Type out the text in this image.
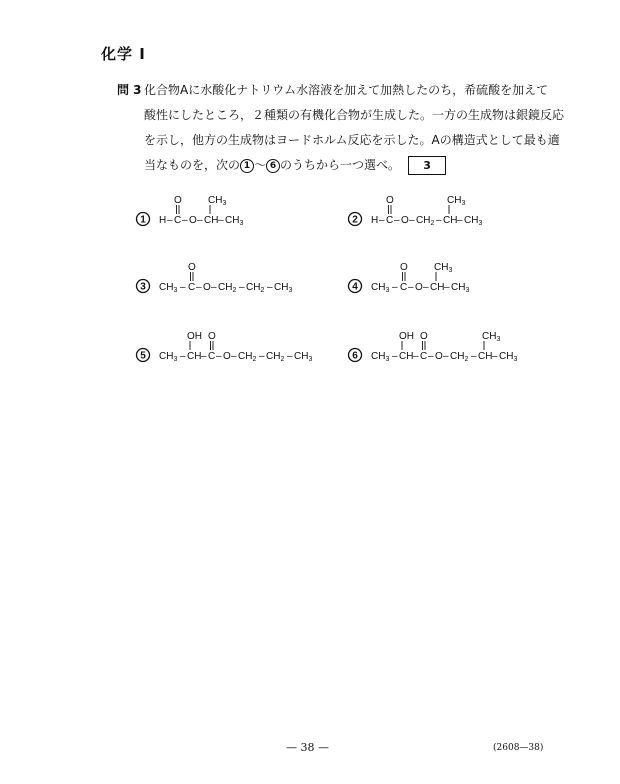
化学 I
問 3 化合物Aに水酸化ナトリウム水溶液を加えて加熱したのち，希硫酸を加えて
酸性にしたところ，２種類の有機化合物が生成した。一方の生成物は銀鏡反応
を示し，他方の生成物はヨードホルム反応を示した。Aの構造式として最も適
当なものを，次の 1 〜 6 のうちから一つ選べ。 3
1 H – C
O
– O – CH
$CH_3$
– $CH_3$	2 H – C
O
– O – $CH_2$ – CH
$CH_3$
– $CH_3$
3 $CH_3$ – C
O
– O – $CH_2 - CH_2 - CH_3$	4 $CH_3$ – C
O
– O – CH
$CH_3$
– $CH_3$
5 $CH_3$ – CH
OH
– C
O
– O – $CH_2 - CH_2 - CH_3$	6 $CH_3$ – CH
OH
– C
O
– O – $CH_2$ – CH
$CH_3$
– $CH_3$
— 38 —	(2608—38)
